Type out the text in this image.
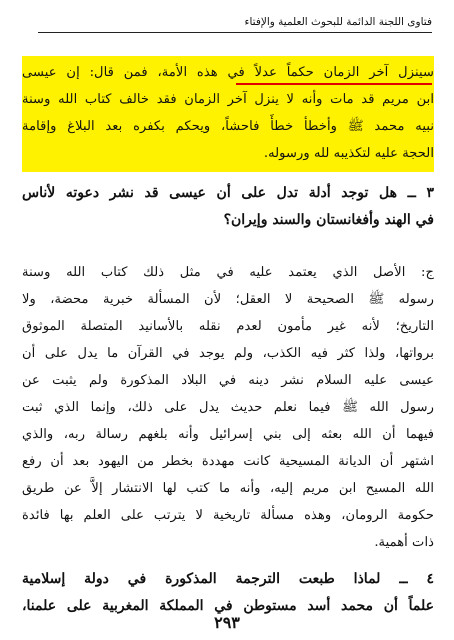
فتاوى اللجنة الدائمة للبحوث العلمية والإفتاء
سينزل آخر الزمان حكماً عدلاً في هذه الأمة، فمن قال: إن عيسى
ابن مريم قد مات وأنه لا ينزل آخر الزمان فقد خالف كتاب الله وسنة
نبيه محمد ﷺ وأخطأ خطأً فاحشاً، ويحكم بكفره بعد البلاغ وإقامة
الحجة عليه لتكذيبه لله ورسوله.
٣ ــ هل توجد أدلة تدل على أن عيسى قد نشر دعوته لأناس
في الهند وأفغانستان والسند وإيران؟
ج: الأصل الذي يعتمد عليه في مثل ذلك كتاب الله وسنة
رسوله ﷺ الصحيحة لا العقل؛ لأن المسألة خبرية محضة، ولا
التاريخ؛ لأنه غير مأمون لعدم نقله بالأسانيد المتصلة الموثوق
برواتها، ولذا كثر فيه الكذب، ولم يوجد في القرآن ما يدل على أن
عيسى عليه السلام نشر دينه في البلاد المذكورة ولم يثبت عن
رسول الله ﷺ فيما نعلم حديث يدل على ذلك، وإنما الذي ثبت
فيهما أن الله بعثه إلى بني إسرائيل وأنه بلغهم رسالة ربه، والذي
اشتهر أن الديانة المسيحية كانت مهددة بخطر من اليهود بعد أن رفع
الله المسيح ابن مريم إليه، وأنه ما كتب لها الانتشار إلاَّ عن طريق
حكومة الرومان، وهذه مسألة تاريخية لا يترتب على العلم بها فائدة
ذات أهمية.
٤ ــ لماذا طبعت الترجمة المذكورة في دولة إسلامية
علماً أن محمد أسد مستوطن في المملكة المغربية على علمنا،
٢٩٣
